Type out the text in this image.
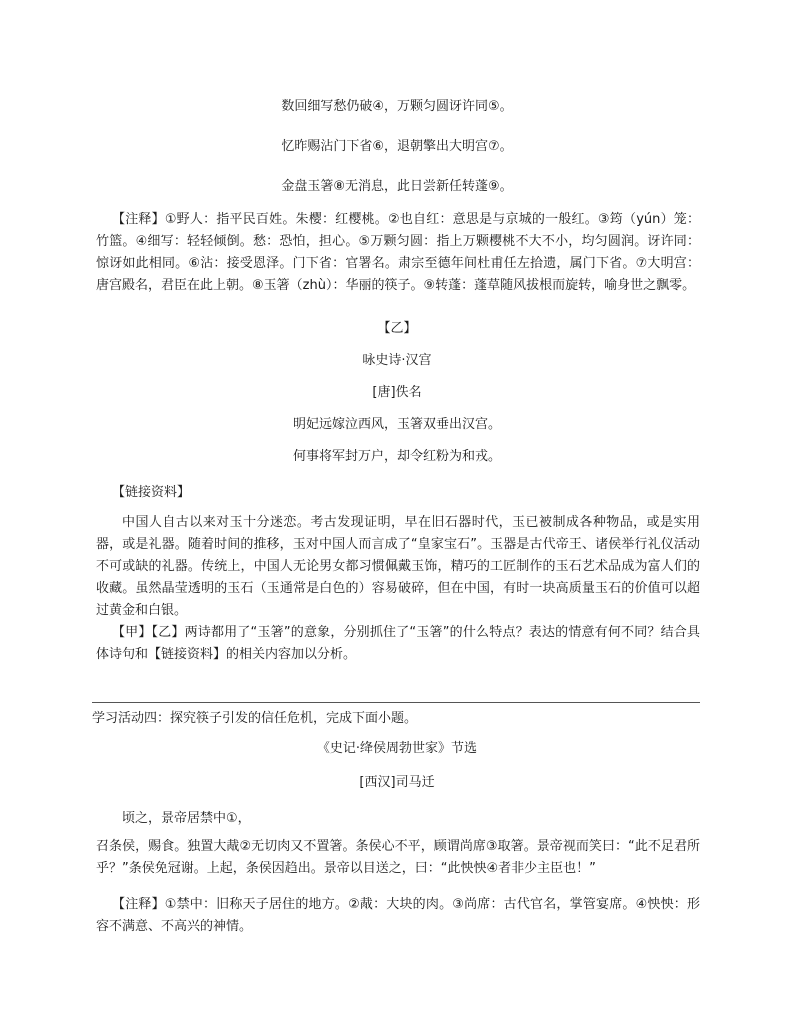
数回细写愁仍破④，万颗匀圆讶许同⑤。
忆昨赐沾门下省⑥，退朝擎出大明宫⑦。
金盘玉箸⑧无消息，此日尝新任转蓬⑨。
【注释】①野人：指平民百姓。朱樱：红樱桃。②也自红：意思是与京城的一般红。③筠（yún）笼：竹篮。④细写：轻轻倾倒。愁：恐怕，担心。⑤万颗匀圆：指上万颗樱桃不大不小，均匀圆润。讶许同：惊讶如此相同。⑥沾：接受恩泽。门下省：官署名。肃宗至德年间杜甫任左拾遗，属门下省。⑦大明宫：唐宫殿名，君臣在此上朝。⑧玉箸（zhù）：华丽的筷子。⑨转蓬：蓬草随风拔根而旋转，喻身世之飘零。
【乙】
咏史诗·汉宫
[唐]佚名
明妃远嫁泣西风，玉箸双垂出汉宫。
何事将军封万户，却令红粉为和戎。
【链接资料】
中国人自古以来对玉十分迷恋。考古发现证明，早在旧石器时代，玉已被制成各种物品，或是实用器，或是礼器。随着时间的推移，玉对中国人而言成了“皇家宝石”。玉器是古代帝王、诸侯举行礼仪活动不可或缺的礼器。传统上，中国人无论男女都习惯佩戴玉饰，精巧的工匠制作的玉石艺术品成为富人们的收藏。虽然晶莹透明的玉石（玉通常是白色的）容易破碎，但在中国，有时一块高质量玉石的价值可以超过黄金和白银。
【甲】【乙】两诗都用了“玉箸”的意象，分别抓住了“玉箸”的什么特点？表达的情意有何不同？结合具体诗句和【链接资料】的相关内容加以分析。
学习活动四：探究筷子引发的信任危机，完成下面小题。
《史记·绛侯周勃世家》节选
[西汉]司马迁
顷之，景帝居禁中①，
召条侯，赐食。独置大胾②无切肉又不置箸。条侯心不平，顾谓尚席③取箸。景帝视而笑曰：“此不足君所乎？”条侯免冠谢。上起，条侯因趋出。景帝以目送之，曰：“此怏怏④者非少主臣也！”
【注释】①禁中：旧称天子居住的地方。②胾：大块的肉。③尚席：古代官名，掌管宴席。④怏怏：形容不满意、不高兴的神情。
